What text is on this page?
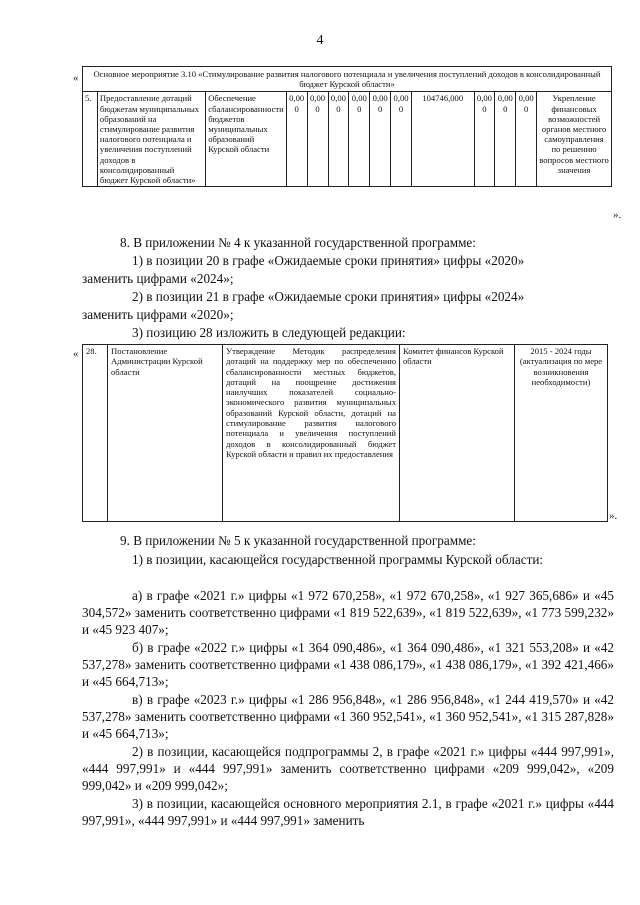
4
« Основное мероприятие 3.10 «Стимулирование развития налогового потенциала и увеличения поступлений доходов в консолидированный бюджет Курской области»
5.	Предоставление дотаций бюджетам муниципальных образований на стимулирование развития налогового потенциала и увеличения поступлений доходов в консолидированный бюджет Курской области»	Обеспечение сбалансированности бюджетов муниципальных образований Курской области	0,00 0	0,00 0	0,00 0	0,00 0	0,00 0	0,00 0	104746,000	0,00 0	0,00 0	0,00 0	Укрепление финансовых возможностей органов местного самоуправления по решению вопросов местного значения
».
8. В приложении № 4 к указанной государственной программе:
1) в позиции 20 в графе «Ожидаемые сроки принятия» цифры «2020»
заменить цифрами «2024»;
2) в позиции 21 в графе «Ожидаемые сроки принятия» цифры «2024»
заменить цифрами «2020»;
3) позицию 28 изложить в следующей редакции:
« 28.	Постановление Администрации Курской области	Утверждение Методик распределения дотаций на поддержку мер по обеспечению сбалансированности местных бюджетов, дотаций на поощрение достижения наилучших показателей социально-экономического развития муниципальных образований Курской области, дотаций на стимулирование развития налогового потенциала и увеличения поступлений доходов в консолидированный бюджет Курской области и правил их предоставления	Комитет финансов Курской области	2015 - 2024 годы (актуализация по мере возникновения необходимости)
».
9. В приложении № 5 к указанной государственной программе:
1) в позиции, касающейся государственной программы Курской области:
а) в графе «2021 г.» цифры «1 972 670,258», «1 972 670,258», «1 927 365,686» и «45 304,572» заменить соответственно цифрами «1 819 522,639», «1 819 522,639», «1 773 599,232» и «45 923 407»;
б) в графе «2022 г.» цифры «1 364 090,486», «1 364 090,486», «1 321 553,208» и «42 537,278» заменить соответственно цифрами «1 438 086,179», «1 438 086,179», «1 392 421,466» и «45 664,713»;
в) в графе «2023 г.» цифры «1 286 956,848», «1 286 956,848», «1 244 419,570» и «42 537,278» заменить соответственно цифрами «1 360 952,541», «1 360 952,541», «1 315 287,828» и «45 664,713»;
2) в позиции, касающейся подпрограммы 2, в графе «2021 г.» цифры «444 997,991», «444 997,991» и «444 997,991» заменить соответственно цифрами «209 999,042», «209 999,042» и «209 999,042»;
3) в позиции, касающейся основного мероприятия 2.1, в графе «2021 г.» цифры «444 997,991», «444 997,991» и «444 997,991» заменить
